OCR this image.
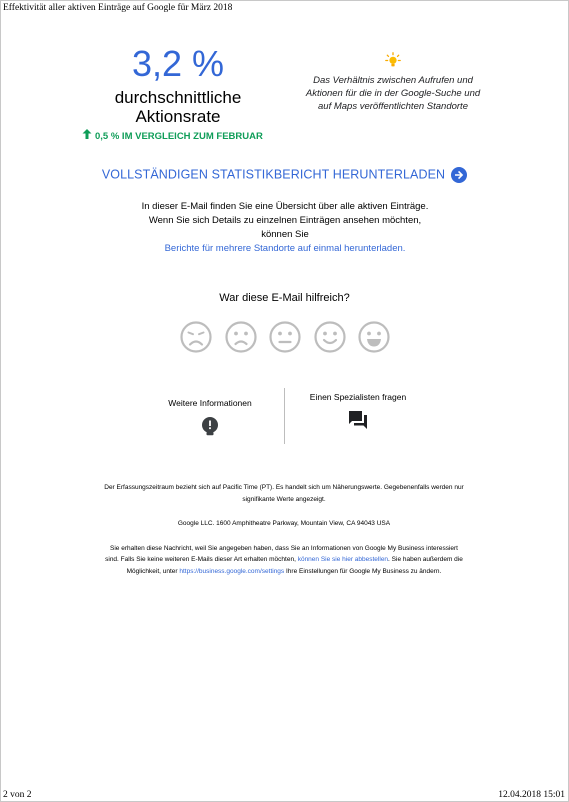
Effektivität aller aktiven Einträge auf Google für März 2018
3,2 %
durchschnittliche
Aktionsrate
0,5 % IM VERGLEICH ZUM FEBRUAR
Das Verhältnis zwischen Aufrufen und Aktionen für die in der Google-Suche und auf Maps veröffentlichten Standorte
VOLLSTÄNDIGEN STATISTIKBERICHT HERUNTERLADEN
In dieser E-Mail finden Sie eine Übersicht über alle aktiven Einträge. Wenn Sie sich Details zu einzelnen Einträgen ansehen möchten, können Sie
Berichte für mehrere Standorte auf einmal herunterladen.
War diese E-Mail hilfreich?
Weitere Informationen
Einen Spezialisten fragen

Der Erfassungszeitraum bezieht sich auf Pacific Time (PT). Es handelt sich um Näherungswerte. Gegebenenfalls werden nur signifikante Werte angezeigt.

Google LLC. 1600 Amphitheatre Parkway, Mountain View, CA 94043 USA

Sie erhalten diese Nachricht, weil Sie angegeben haben, dass Sie an Informationen von Google My Business interessiert sind. Falls Sie keine weiteren E-Mails dieser Art erhalten möchten, können Sie sie hier abbestellen. Sie haben außerdem die Möglichkeit, unter https://business.google.com/settings Ihre Einstellungen für Google My Business zu ändern.

2 von 2	12.04.2018 15:01
